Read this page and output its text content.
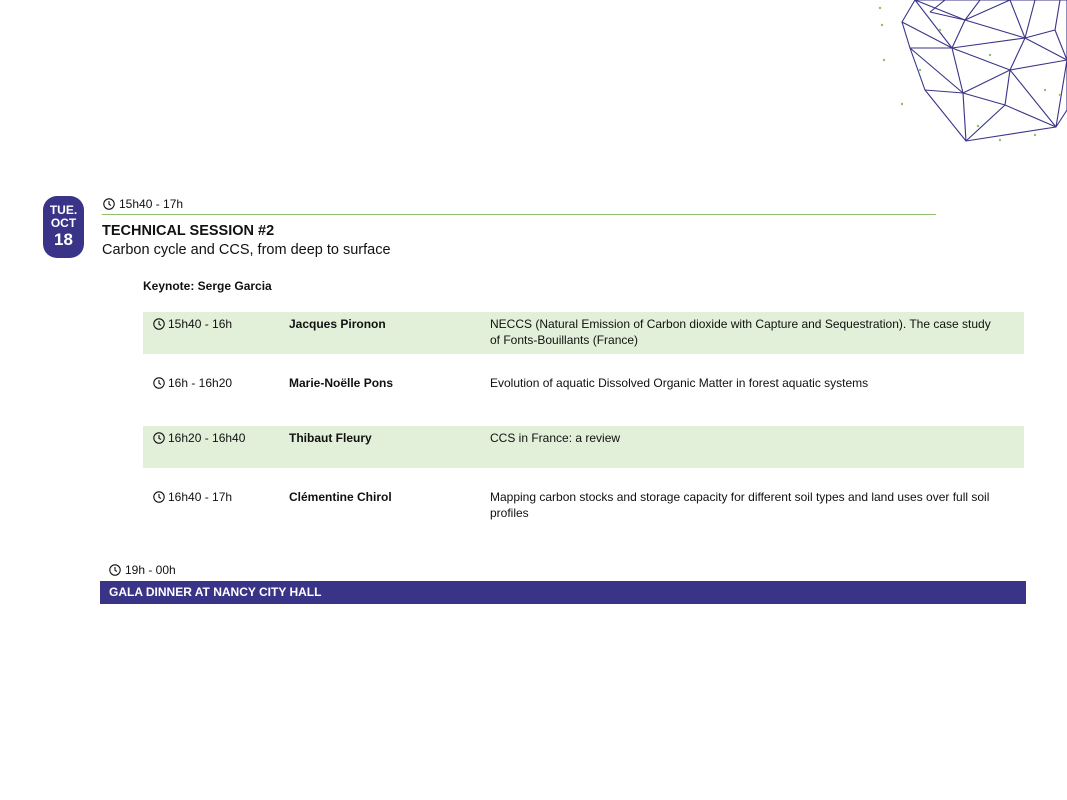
TUE.
OCT
18
15h40 - 17h
TECHNICAL SESSION #2
Carbon cycle and CCS, from deep to surface
Keynote: Serge Garcia
15h40 - 16h	Jacques Pironon	NECCS (Natural Emission of Carbon dioxide with Capture and Sequestration). The case study of Fonts-Bouillants (France)
16h - 16h20	Marie-Noëlle Pons	Evolution of aquatic Dissolved Organic Matter in forest aquatic systems
16h20 - 16h40	Thibaut Fleury	CCS in France: a review
16h40 - 17h	Clémentine Chirol	Mapping carbon stocks and storage capacity for different soil types and land uses over full soil profiles
19h - 00h
GALA DINNER AT NANCY CITY HALL
